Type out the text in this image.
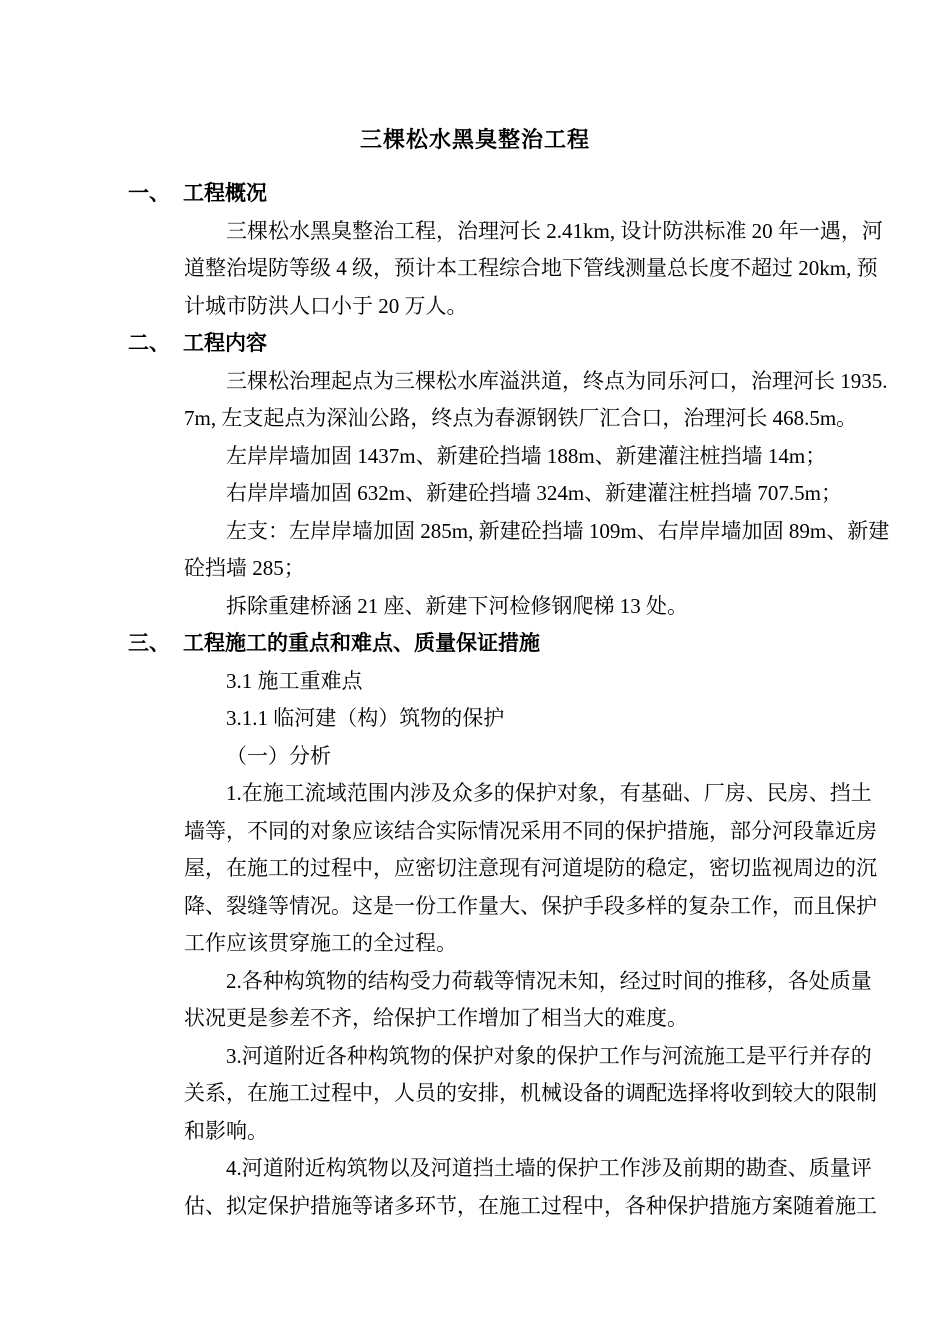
三棵松水黑臭整治工程
一、 工程概况

三棵松水黑臭整治工程，治理河长 2.41km, 设计防洪标准 20 年一遇，河道整治堤防等级 4 级，预计本工程综合地下管线测量总长度不超过 20km, 预计城市防洪人口小于 20 万人。

二、 工程内容

三棵松治理起点为三棵松水库溢洪道，终点为同乐河口，治理河长 1935.7m, 左支起点为深汕公路，终点为春源钢铁厂汇合口，治理河长 468.5m。

左岸岸墙加固 1437m、新建砼挡墙 188m、新建灌注桩挡墙 14m；

右岸岸墙加固 632m、新建砼挡墙 324m、新建灌注桩挡墙 707.5m；

左支：左岸岸墙加固 285m, 新建砼挡墙 109m、右岸岸墙加固 89m、新建砼挡墙 285；

拆除重建桥涵 21 座、新建下河检修钢爬梯 13 处。

三、 工程施工的重点和难点、质量保证措施

3.1 施工重难点

3.1.1 临河建（构）筑物的保护

（一）分析

1.在施工流域范围内涉及众多的保护对象，有基础、厂房、民房、挡土墙等，不同的对象应该结合实际情况采用不同的保护措施，部分河段靠近房屋，在施工的过程中，应密切注意现有河道堤防的稳定，密切监视周边的沉降、裂缝等情况。这是一份工作量大、保护手段多样的复杂工作，而且保护工作应该贯穿施工的全过程。

2.各种构筑物的结构受力荷载等情况未知，经过时间的推移，各处质量状况更是参差不齐，给保护工作增加了相当大的难度。

3.河道附近各种构筑物的保护对象的保护工作与河流施工是平行并存的关系，在施工过程中，人员的安排，机械设备的调配选择将收到较大的限制和影响。

4.河道附近构筑物以及河道挡土墙的保护工作涉及前期的勘查、质量评估、拟定保护措施等诸多环节，在施工过程中，各种保护措施方案随着施工
